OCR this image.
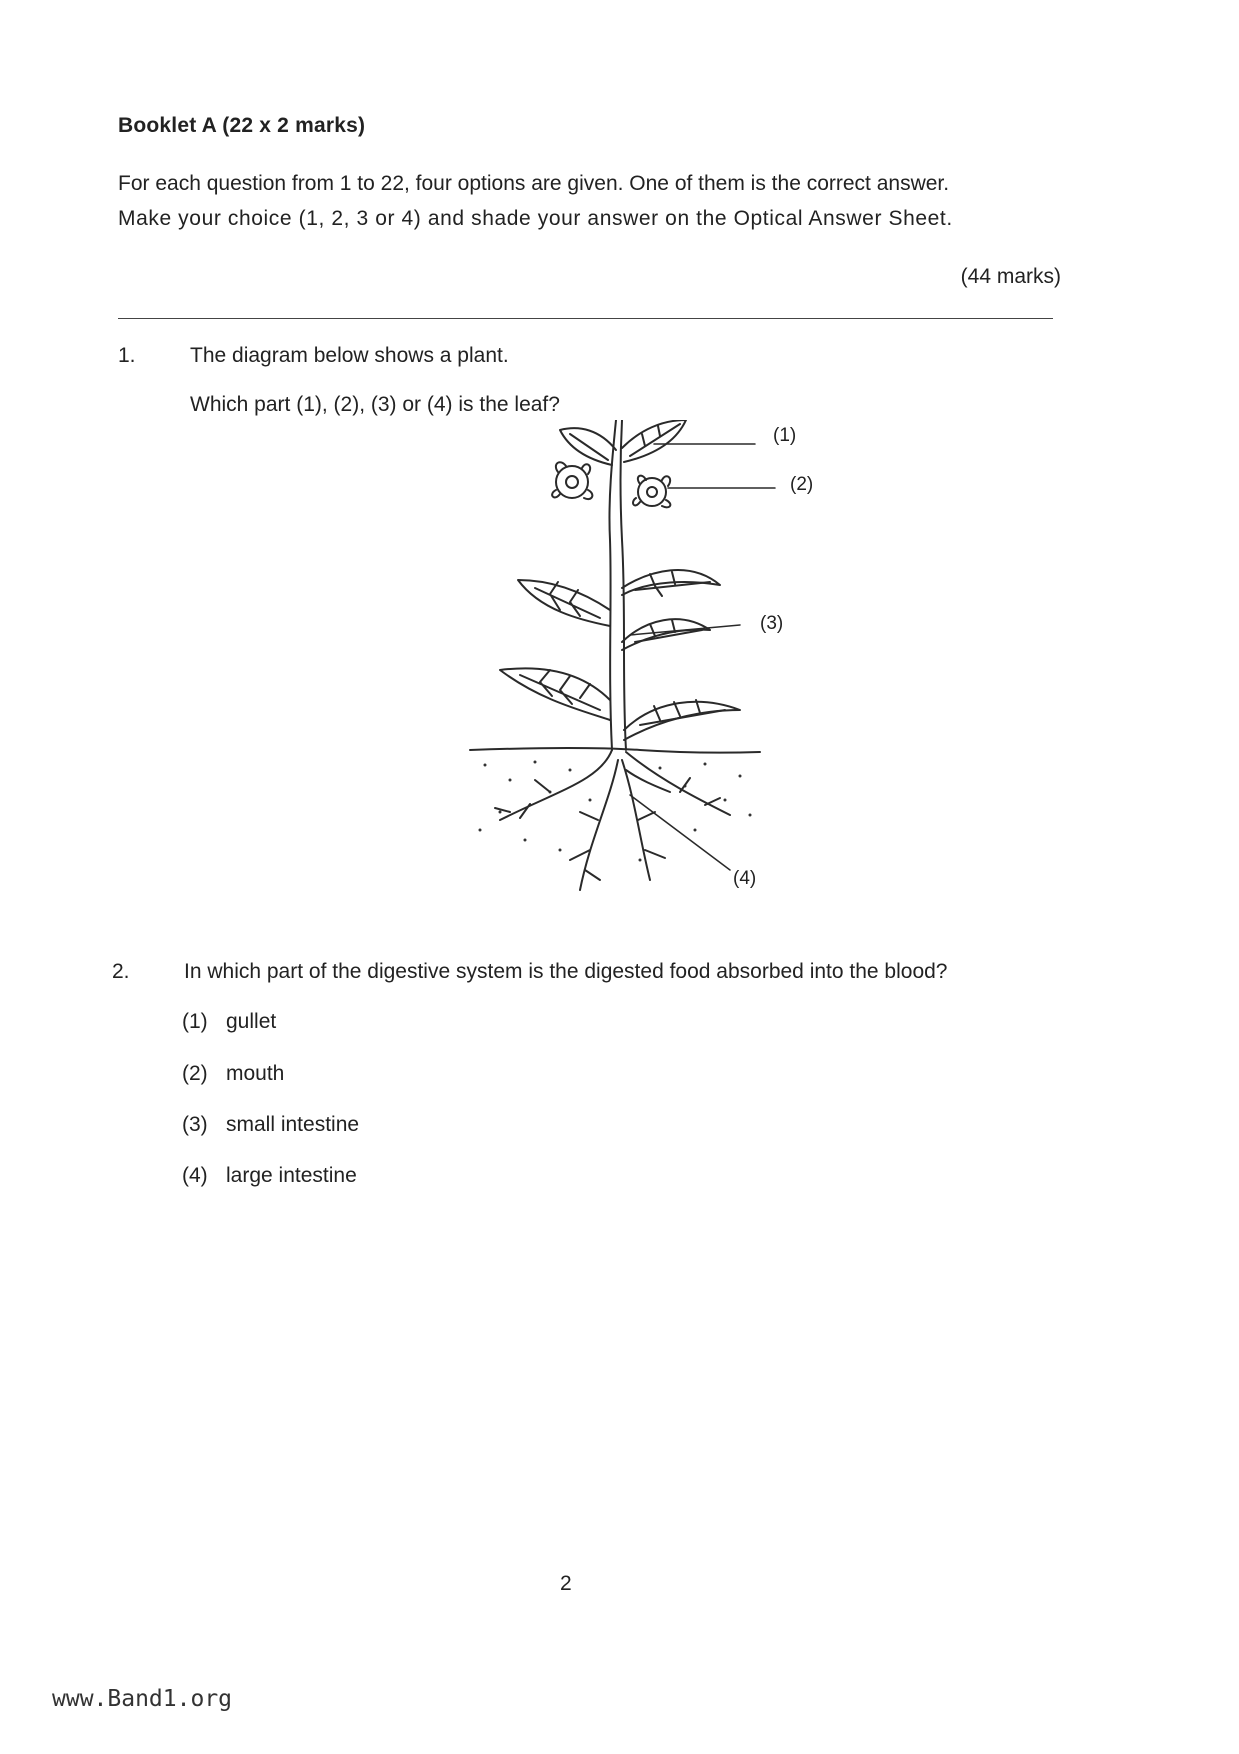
Booklet A (22 x 2 marks)
For each question from 1 to 22, four options are given. One of them is the correct answer.
Make your choice (1, 2, 3 or 4) and shade your answer on the Optical Answer Sheet.
(44 marks)
1.	The diagram below shows a plant.
Which part (1), (2), (3) or (4) is the leaf?
(1)
(2)
(3)
(4)
2.	In which part of the digestive system is the digested food absorbed into the blood?
(1) gullet
(2) mouth
(3) small intestine
(4) large intestine
2
www.Band1.org
